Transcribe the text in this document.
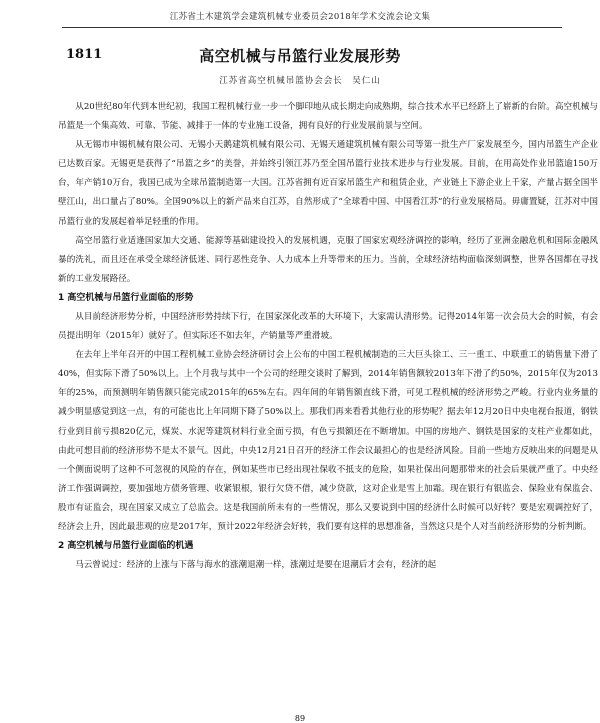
江苏省土木建筑学会建筑机械专业委员会2018年学术交流会论文集
1811	高空机械与吊篮行业发展形势
江苏省高空机械吊篮协会会长　吴仁山

从20世纪80年代到本世纪初，我国工程机械行业一步一个脚印地从成长期走向成熟期，综合技术水平已经跻上了崭新的台阶。高空机械与吊篮是一个集高效、可靠、节能、减排于一体的专业施工设备，拥有良好的行业发展前景与空间。

从无锡市申锡机械有限公司、无锡小天鹅建筑机械有限公司、无锡天通建筑机械有限公司等第一批生产厂家发展至今，国内吊篮生产企业已达数百家。无锡更是获得了“吊篮之乡”的美誉，并始终引领江苏乃至全国吊篮行业技术进步与行业发展。目前，在用高处作业吊篮逾150万台，年产销10万台，我国已成为全球吊篮制造第一大国。江苏省拥有近百家吊篮生产和租赁企业，产业链上下游企业上千家，产量占据全国半壁江山，出口量占了80%。全国90%以上的新产品来自江苏，自然形成了“全球看中国、中国看江苏”的行业发展格局。毋庸置疑，江苏对中国吊篮行业的发展起着举足轻重的作用。

高空吊篮行业适逢国家加大交通、能源等基础建设投入的发展机遇，克服了国家宏观经济调控的影响，经历了亚洲金融危机和国际金融风暴的洗礼，而且还在承受全球经济低迷、同行恶性竞争、人力成本上升等带来的压力。当前，全球经济结构面临深刻调整，世界各国都在寻找新的工业发展路径。

1 高空机械与吊篮行业面临的形势

从目前经济形势分析，中国经济形势持续下行，在国家深化改革的大环境下，大家需认清形势。记得2014年第一次会员大会的时候，有会员提出明年（2015年）就好了。但实际还不如去年，产销量等严重滑坡。

在去年上半年召开的中国工程机械工业协会经济研讨会上公布的中国工程机械制造的三大巨头徐工、三一重工、中联重工的销售量下滑了40%，但实际下滑了50%以上。上个月我与其中一个公司的经理交谈时了解到，2014年销售额较2013年下滑了约50%，2015年仅为2013年的25%，而预测明年销售额只能完成2015年的65%左右。四年间的年销售额直线下滑，可见工程机械的经济形势之严峻。行业内业务量的减少明显感觉到这一点，有的可能也比上年同期下降了50%以上。那我们再来看看其他行业的形势呢？据去年12月20日中央电视台报道，钢铁行业到目前亏损820亿元，煤炭、水泥等建筑材料行业全面亏损，有色亏损额还在不断增加。中国的房地产、钢铁是国家的支柱产业都如此，由此可想目前的经济形势不是太不景气。因此，中央12月21日召开的经济工作会议最担心的也是经济风险。目前一些地方反映出来的问题是从一个侧面说明了这种不可忽视的风险的存在，例如某些市已经出现社保收不抵支的危险，如果社保出问题那带来的社会后果就严重了。中央经济工作强调调控，要加强地方债务管理、收紧银根，银行欠贷不借，减少贷款，这对企业是雪上加霜。现在银行有银监会、保险业有保监会、股市有证监会，现在国家又成立了总监会。这是我国前所未有的一些情况，那么又要说到中国的经济什么时候可以好转？要是宏观调控好了，经济会上升，因此最悲观的应是2017年，预计2022年经济会好转，我们要有这样的思想准备，当然这只是个人对当前经济形势的分析判断。

2 高空机械与吊篮行业面临的机遇

马云曾说过：经济的上涨与下落与海水的涨潮退潮一样，涨潮过是要在退潮后才会有，经济的起

89
